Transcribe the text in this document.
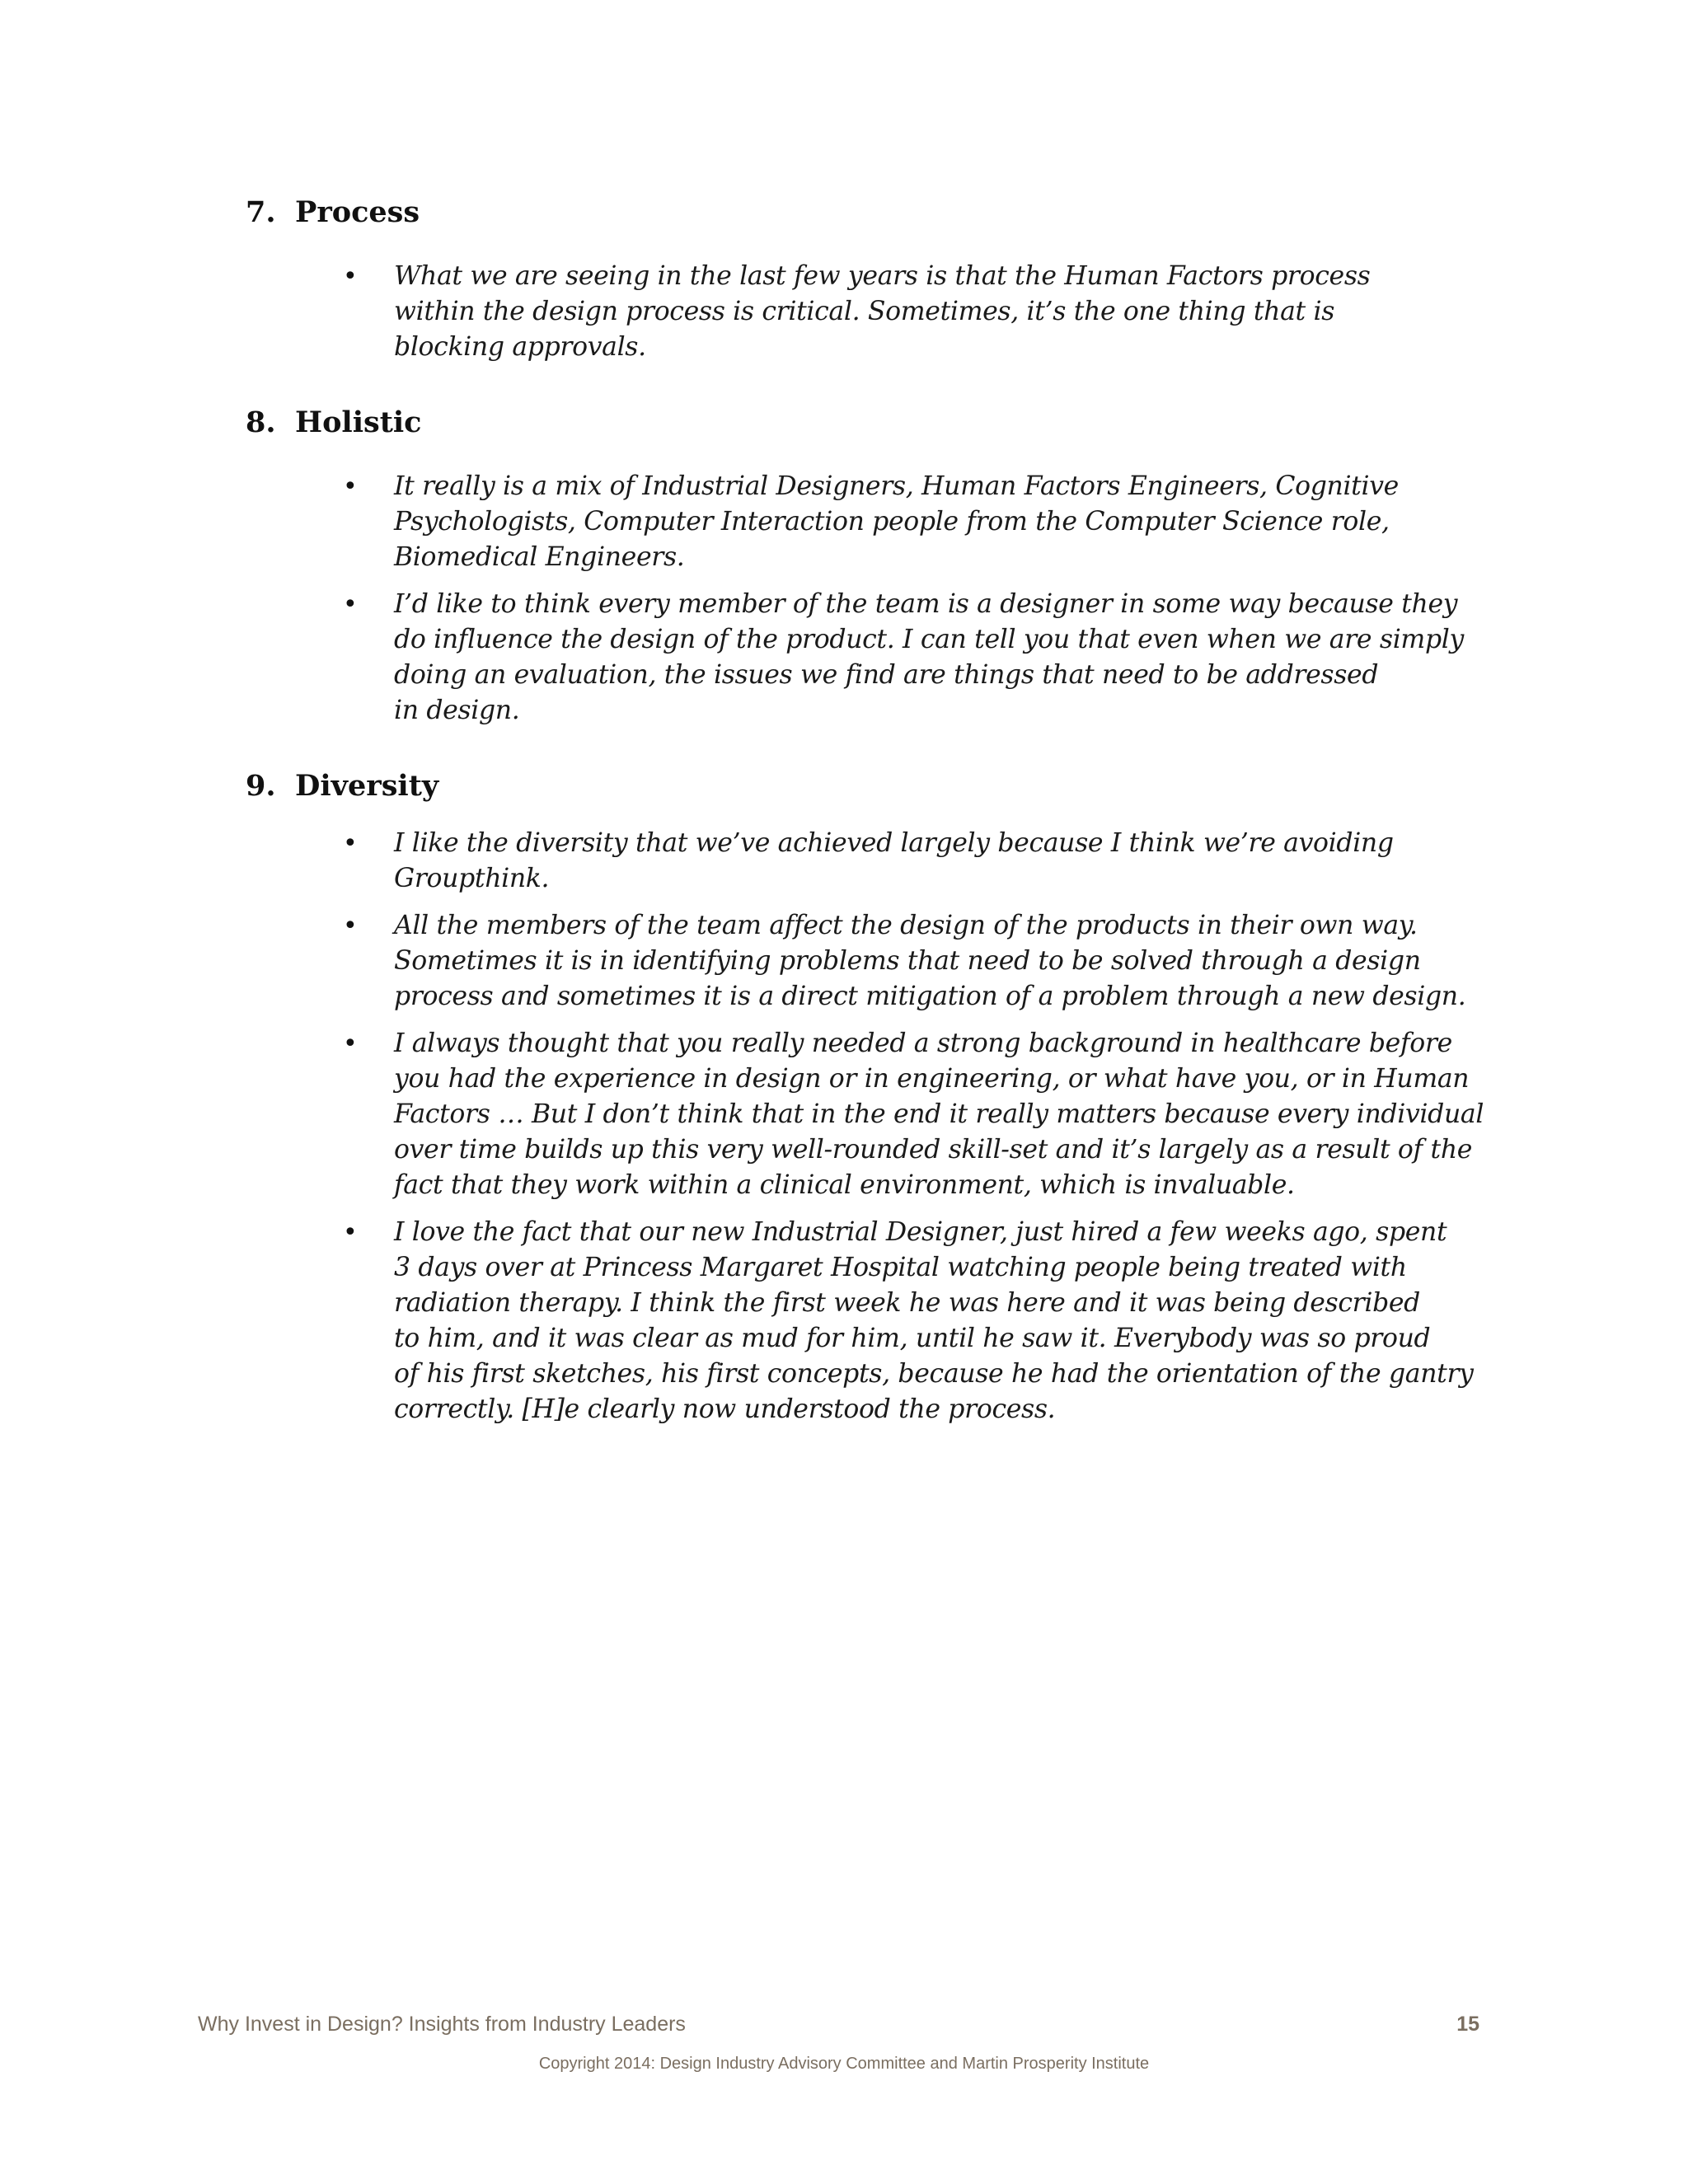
7. Process
• What we are seeing in the last few years is that the Human Factors process
within the design process is critical. Sometimes, it’s the one thing that is
blocking approvals.
8. Holistic
• It really is a mix of Industrial Designers, Human Factors Engineers, Cognitive
Psychologists, Computer Interaction people from the Computer Science role,
Biomedical Engineers.
• I’d like to think every member of the team is a designer in some way because they
do influence the design of the product. I can tell you that even when we are simply
doing an evaluation, the issues we find are things that need to be addressed
in design.
9. Diversity
• I like the diversity that we’ve achieved largely because I think we’re avoiding
Groupthink.
• All the members of the team affect the design of the products in their own way.
Sometimes it is in identifying problems that need to be solved through a design
process and sometimes it is a direct mitigation of a problem through a new design.
• I always thought that you really needed a strong background in healthcare before
you had the experience in design or in engineering, or what have you, or in Human
Factors … But I don’t think that in the end it really matters because every individual
over time builds up this very well-rounded skill-set and it’s largely as a result of the
fact that they work within a clinical environment, which is invaluable.
• I love the fact that our new Industrial Designer, just hired a few weeks ago, spent
3 days over at Princess Margaret Hospital watching people being treated with
radiation therapy. I think the first week he was here and it was being described
to him, and it was clear as mud for him, until he saw it. Everybody was so proud
of his first sketches, his first concepts, because he had the orientation of the gantry
correctly. [H]e clearly now understood the process.
Why Invest in Design? Insights from Industry Leaders	15
Copyright 2014: Design Industry Advisory Committee and Martin Prosperity Institute
